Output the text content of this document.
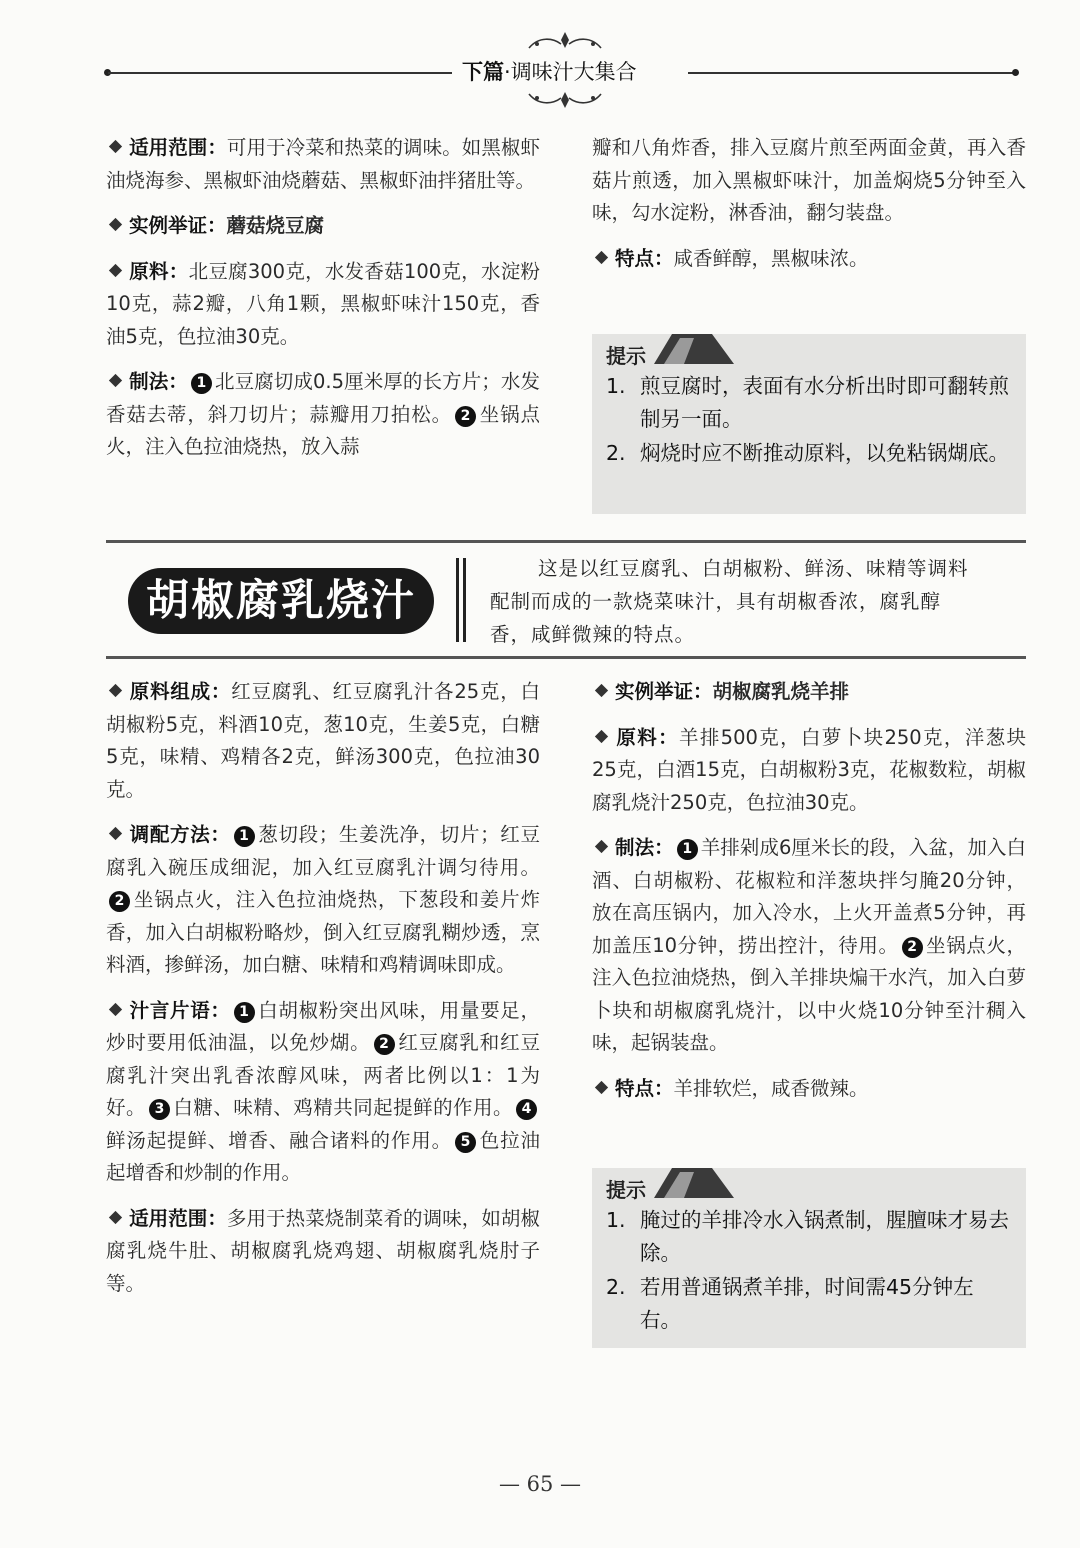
下篇·调味汁大集合

适用范围：可用于冷菜和热菜的调味。如黑椒虾油烧海参、黑椒虾油烧蘑菇、黑椒虾油拌猪肚等。

实例举证：蘑菇烧豆腐

原料：北豆腐300克，水发香菇100克，水淀粉10克，蒜2瓣，八角1颗，黑椒虾味汁150克，香油5克，色拉油30克。

制法： 1 北豆腐切成0.5厘米厚的长方片；水发香菇去蒂，斜刀切片；蒜瓣用刀拍松。 2 坐锅点火，注入色拉油烧热，放入蒜

瓣和八角炸香，排入豆腐片煎至两面金黄，再入香菇片煎透，加入黑椒虾味汁，加盖焖烧5分钟至入味，勾水淀粉，淋香油，翻匀装盘。

特点：咸香鲜醇，黑椒味浓。

提示
1. 煎豆腐时，表面有水分析出时即可翻转煎制另一面。
2. 焖烧时应不断推动原料，以免粘锅煳底。
胡椒腐乳烧汁
这是以红豆腐乳、白胡椒粉、鲜汤、味精等调料
配制而成的一款烧菜味汁，具有胡椒香浓，腐乳醇
香，咸鲜微辣的特点。

原料组成：红豆腐乳、红豆腐乳汁各25克，白胡椒粉5克，料酒10克，葱10克，生姜5克，白糖5克，味精、鸡精各2克，鲜汤300克，色拉油30克。

调配方法： 1 葱切段；生姜洗净，切片；红豆腐乳入碗压成细泥，加入红豆腐乳汁调匀待用。2 坐锅点火，注入色拉油烧热，下葱段和姜片炸香，加入白胡椒粉略炒，倒入红豆腐乳糊炒透，烹料酒，掺鲜汤，加白糖、味精和鸡精调味即成。

汁言片语： 1 白胡椒粉突出风味，用量要足，炒时要用低油温，以免炒煳。 2 红豆腐乳和红豆腐乳汁突出乳香浓醇风味，两者比例以1：1为好。 3 白糖、味精、鸡精共同起提鲜的作用。 4鲜汤起提鲜、增香、融合诸料的作用。 5 色拉油起增香和炒制的作用。

适用范围：多用于热菜烧制菜肴的调味，如胡椒腐乳烧牛肚、胡椒腐乳烧鸡翅、胡椒腐乳烧肘子等。

实例举证：胡椒腐乳烧羊排

原料：羊排500克，白萝卜块250克，洋葱块25克，白酒15克，白胡椒粉3克，花椒数粒，胡椒腐乳烧汁250克，色拉油30克。

制法： 1 羊排剁成6厘米长的段，入盆，加入白酒、白胡椒粉、花椒粒和洋葱块拌匀腌20分钟，放在高压锅内，加入冷水，上火开盖煮5分钟，再加盖压10分钟，捞出控汁，待用。 2 坐锅点火，注入色拉油烧热，倒入羊排块煸干水汽，加入白萝卜块和胡椒腐乳烧汁，以中火烧10分钟至汁稠入味，起锅装盘。

特点：羊排软烂，咸香微辣。

提示
1. 腌过的羊排冷水入锅煮制，腥膻味才易去除。
2. 若用普通锅煮羊排，时间需45分钟左右。
— 65 —
